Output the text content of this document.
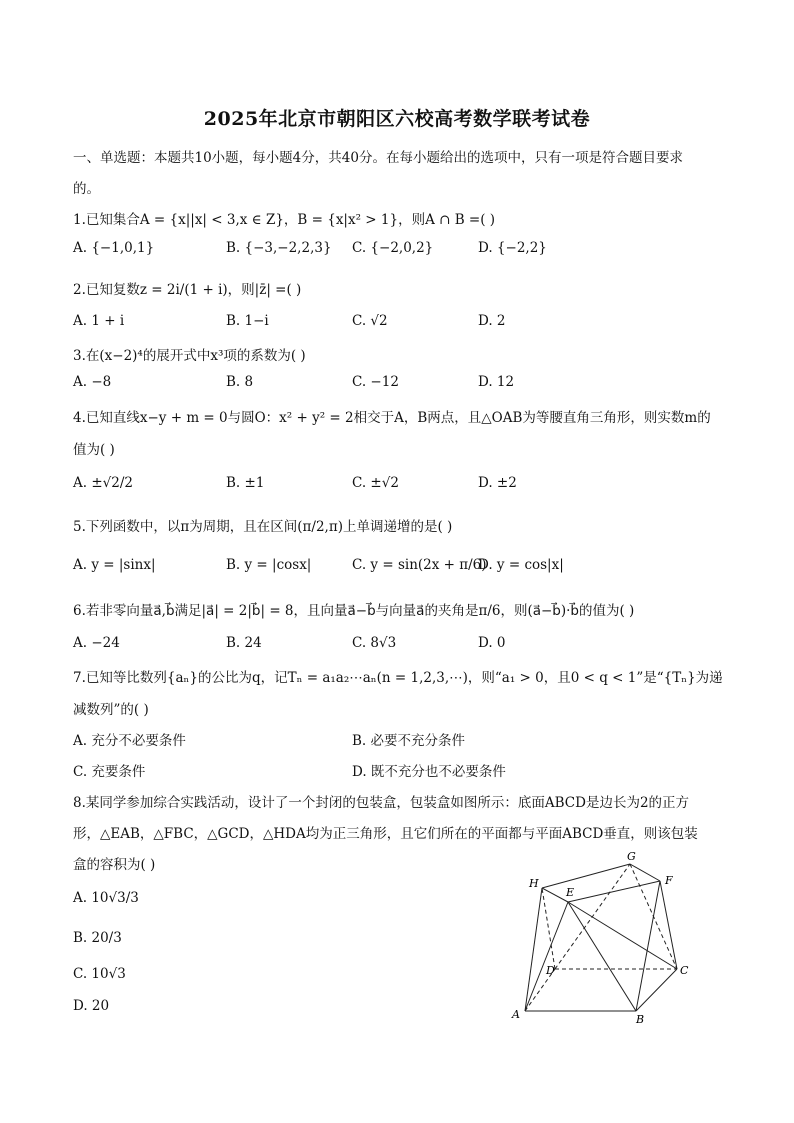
2025年北京市朝阳区六校高考数学联考试卷
一、单选题：本题共10小题，每小题4分，共40分。在每小题给出的选项中，只有一项是符合题目要求
的。
1.已知集合A = {x||x| < 3,x ∈ Z}，B = {x|x² > 1}，则A ∩ B =( )
A. {−1,0,1}	B. {−3,−2,2,3} C. {−2,0,2}	D. {−2,2}
2.已知复数z = 2i/(1 + i)，则|z̄| =( )
A. 1 + i	B. 1−i	C. √2	D. 2
3.在(x−2)⁴的展开式中x³项的系数为( )
A. −8	B. 8	C. −12	D. 12
4.已知直线x−y + m = 0与圆O：x² + y² = 2相交于A，B两点，且△OAB为等腰直角三角形，则实数m的
值为( )
A. ±√2/2	B. ±1	C. ±√2	D. ±2
5.下列函数中，以π为周期，且在区间(π/2,π)上单调递增的是( )
A. y = |sinx|	B. y = |cosx|	C. y = sin(2x + π/6)
D. y = cos|x|
6.若非零向量a⃗,b⃗满足|a⃗| = 2|b⃗| = 8，且向量a⃗−b⃗与向量a⃗的夹角是π/6，则(a⃗−b⃗)·b⃗的值为( )
A. −24	B. 24	C. 8√3	D. 0
7.已知等比数列{aₙ}的公比为q，记Tₙ = a₁a₂⋯aₙ(n = 1,2,3,⋯)，则“a₁ > 0，且0 < q < 1”是“{Tₙ}为递
减数列”的( )
A. 充分不必要条件	B. 必要不充分条件
C. 充要条件	D. 既不充分也不必要条件
8.某同学参加综合实践活动，设计了一个封闭的包装盒，包装盒如图所示：底面ABCD是边长为2的正方
形，△EAB，△FBC，△GCD，△HDA均为正三角形，且它们所在的平面都与平面ABCD垂直，则该包装
盒的容积为( )
A. 10√3/3
B. 20/3
C. 10√3
D. 20
A	B
C
D
E
F
G
H
